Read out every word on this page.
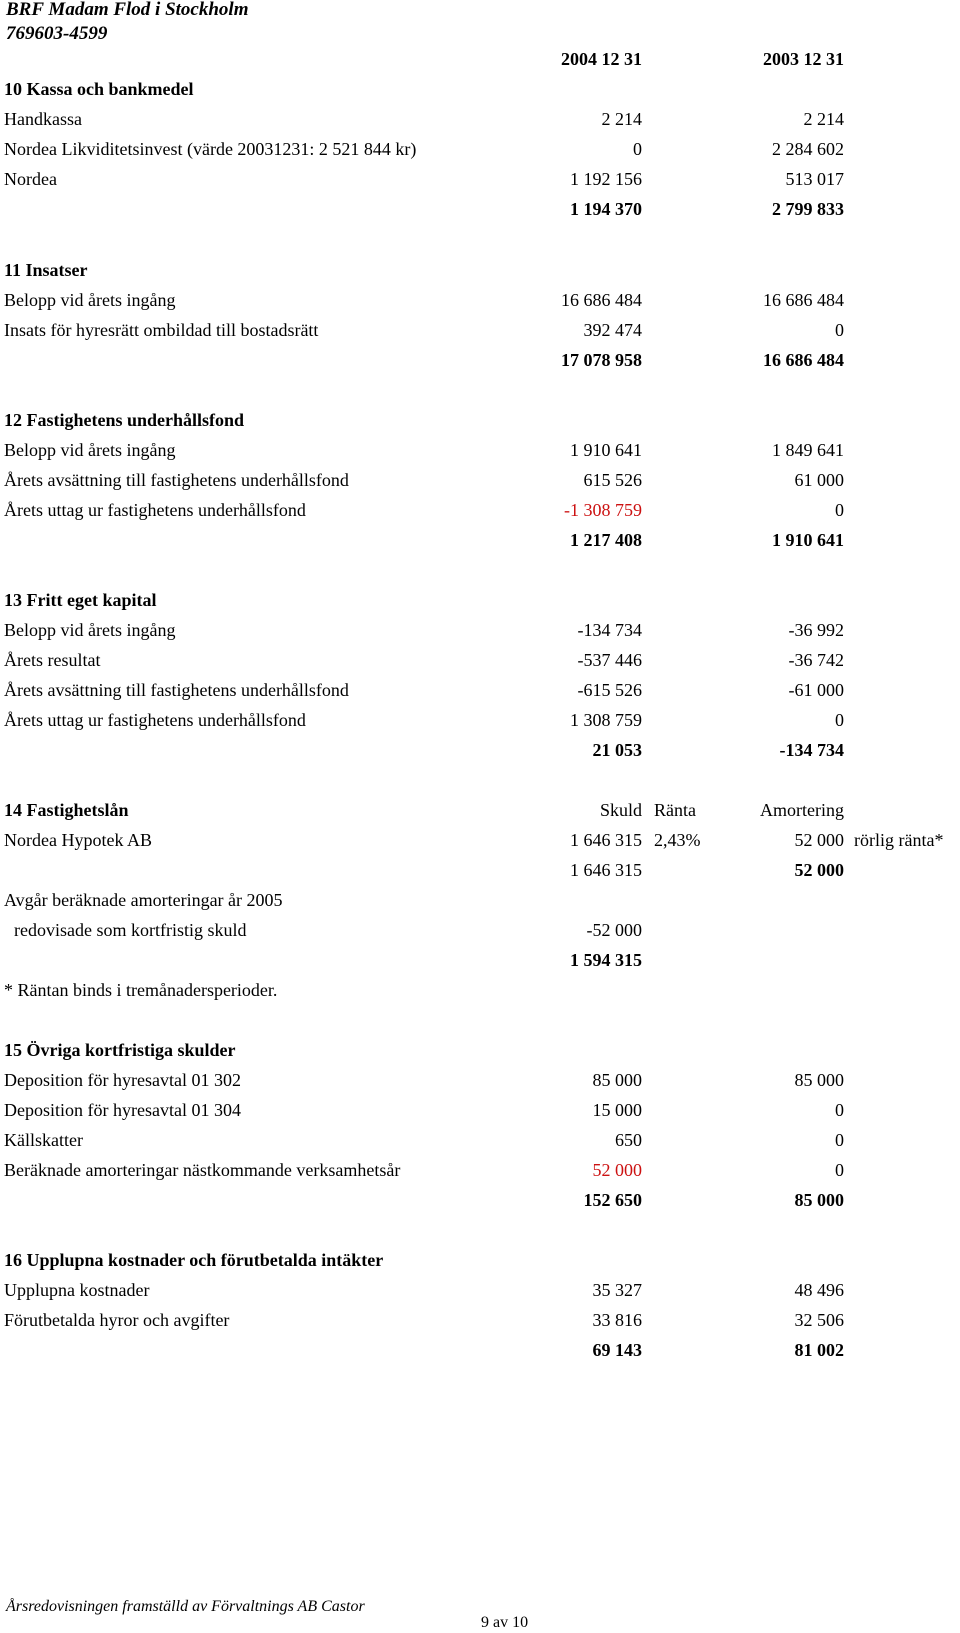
BRF Madam Flod i Stockholm
769603-4599
2004 12 31	2003 12 31
10 Kassa och bankmedel
Handkassa	2 214	2 214
Nordea Likviditetsinvest (värde 20031231: 2 521 844 kr)	0	2 284 602
Nordea	1 192 156	513 017
1 194 370	2 799 833
11 Insatser
Belopp vid årets ingång	16 686 484	16 686 484
Insats för hyresrätt ombildad till bostadsrätt	392 474	0
17 078 958	16 686 484
12 Fastighetens underhållsfond
Belopp vid årets ingång	1 910 641	1 849 641
Årets avsättning till fastighetens underhållsfond	615 526	61 000
Årets uttag ur fastighetens underhållsfond	-1 308 759	0
1 217 408	1 910 641
13 Fritt eget kapital
Belopp vid årets ingång	-134 734	-36 992
Årets resultat	-537 446	-36 742
Årets avsättning till fastighetens underhållsfond	-615 526	-61 000
Årets uttag ur fastighetens underhållsfond	1 308 759	0
21 053	-134 734
14 Fastighetslån	Skuld Ränta	Amortering
Nordea Hypotek AB	1 646 315 2,43%	52 000 rörlig ränta*
1 646 315	52 000
Avgår beräknade amorteringar år 2005
redovisade som kortfristig skuld	-52 000
1 594 315
* Räntan binds i tremånadersperioder.
15 Övriga kortfristiga skulder
Deposition för hyresavtal 01 302	85 000	85 000
Deposition för hyresavtal 01 304	15 000	0
Källskatter	650	0
Beräknade amorteringar nästkommande verksamhetsår	52 000	0
152 650	85 000
16 Upplupna kostnader och förutbetalda intäkter
Upplupna kostnader	35 327	48 496
Förutbetalda hyror och avgifter	33 816	32 506
69 143	81 002
Årsredovisningen framställd av Förvaltnings AB Castor
9 av 10
